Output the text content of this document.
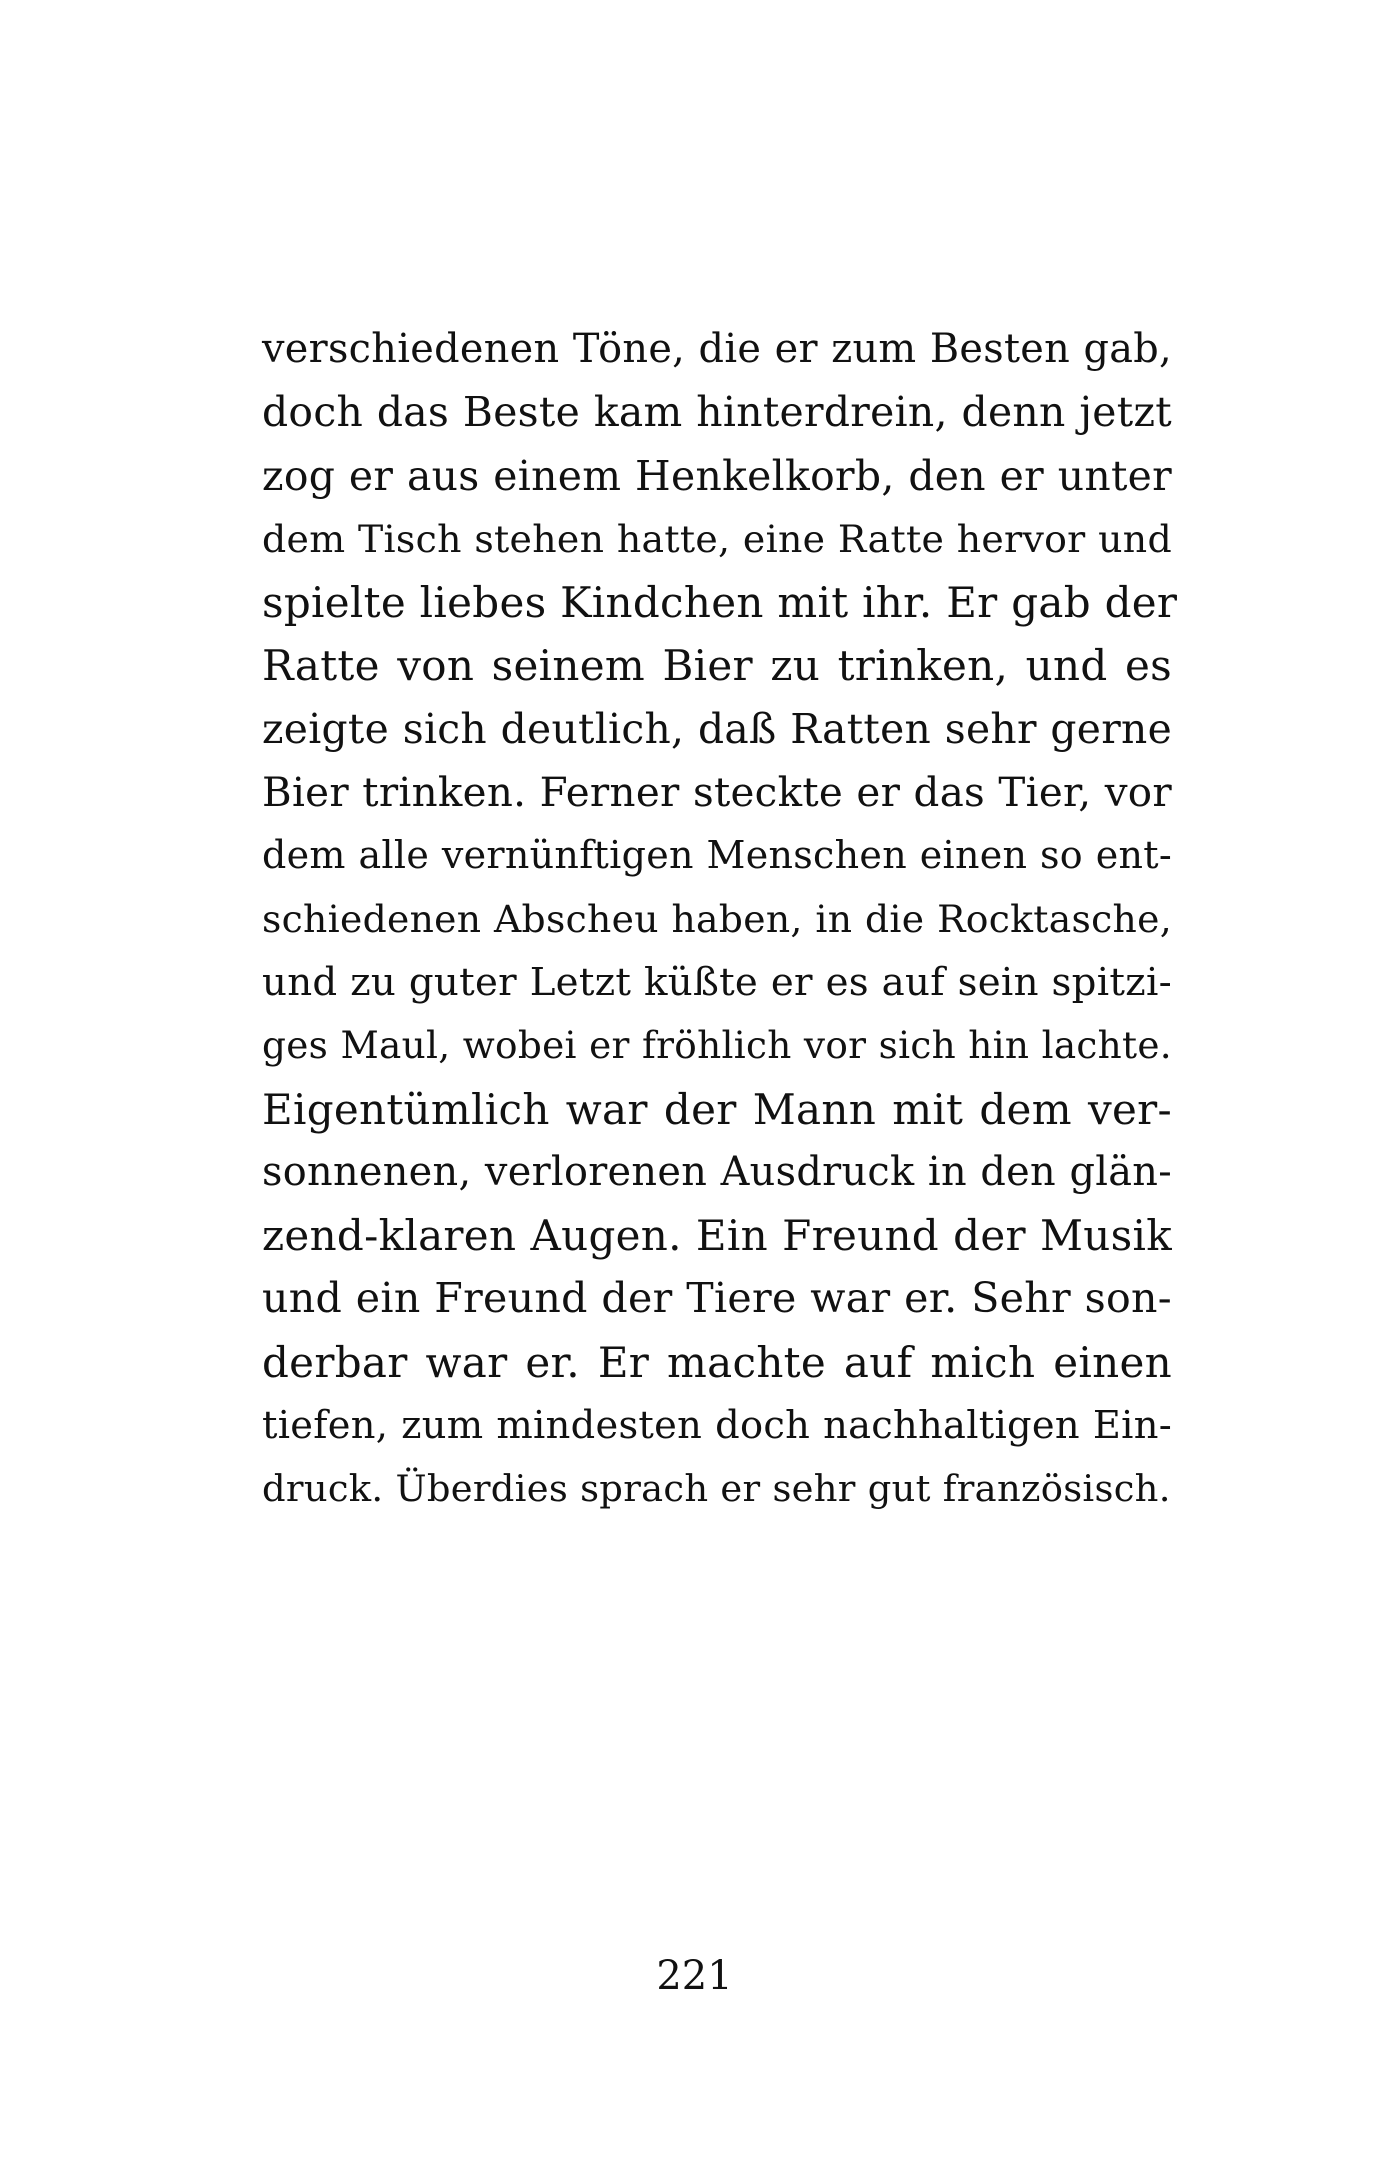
verschiedenen Töne, die er zum Besten gab,
doch das Beste kam hinterdrein, denn jetzt
zog er aus einem Henkelkorb, den er unter
dem Tisch stehen hatte, eine Ratte hervor und
spielte liebes Kindchen mit ihr. Er gab der
Ratte von seinem Bier zu trinken, und es
zeigte sich deutlich, daß Ratten sehr gerne
Bier trinken. Ferner steckte er das Tier, vor
dem alle vernünftigen Menschen einen so ent-
schiedenen Abscheu haben, in die Rocktasche,
und zu guter Letzt küßte er es auf sein spitzi-
ges Maul, wobei er fröhlich vor sich hin lachte.
Eigentümlich war der Mann mit dem ver-
sonnenen, verlorenen Ausdruck in den glän-
zend-klaren Augen. Ein Freund der Musik
und ein Freund der Tiere war er. Sehr son-
derbar war er. Er machte auf mich einen
tiefen, zum mindesten doch nachhaltigen Ein-
druck. Überdies sprach er sehr gut französisch.

221
